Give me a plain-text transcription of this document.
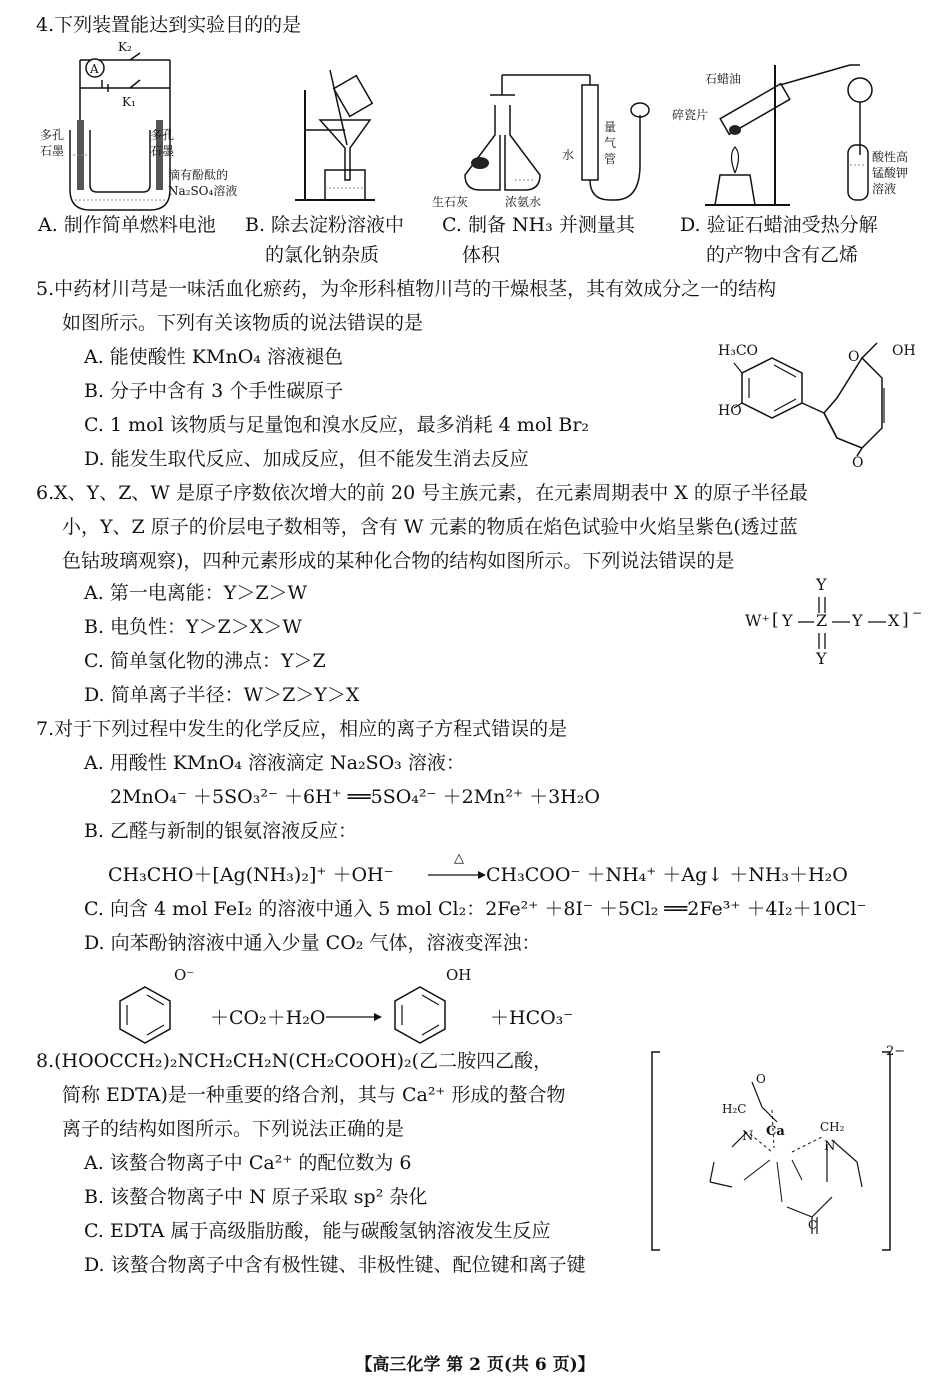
4.下列装置能达到实验目的的是
K₂
K₁
A
多孔
石墨
多孔
石墨
滴有酚酞的
Na₂SO₄溶液
生石灰	浓氨水
水
量
气
管
石蜡油
碎瓷片
酸性高
锰酸钾
溶液
A. 制作简单燃料电池 B. 除去淀粉溶液中
的氯化钠杂质
C. 制备 NH₃ 并测量其
体积
D. 验证石蜡油受热分解
的产物中含有乙烯
5.中药材川芎是一味活血化瘀药，为伞形科植物川芎的干燥根茎，其有效成分之一的结构
如图所示。下列有关该物质的说法错误的是
A. 能使酸性 KMnO₄ 溶液褪色
B. 分子中含有 3 个手性碳原子
C. 1 mol 该物质与足量饱和溴水反应，最多消耗 4 mol Br₂
D. 能发生取代反应、加成反应，但不能发生消去反应
H₃CO
HO
O OH
O
6.X、Y、Z、W 是原子序数依次增大的前 20 号主族元素，在元素周期表中 X 的原子半径最
小，Y、Z 原子的价层电子数相等，含有 W 元素的物质在焰色试验中火焰呈紫色(透过蓝
色钴玻璃观察)，四种元素形成的某种化合物的结构如图所示。下列说法错误的是
A. 第一电离能：Y＞Z＞W
B. 电负性：Y＞Z＞X＞W
C. 简单氢化物的沸点：Y＞Z
D. 简单离子半径：W＞Z＞Y＞X
W⁺ [ Y Z Y X ] −
Y
Y
7.对于下列过程中发生的化学反应，相应的离子方程式错误的是
A. 用酸性 KMnO₄ 溶液滴定 Na₂SO₃ 溶液：
2MnO₄⁻ ＋5SO₃²⁻ ＋6H⁺ ══5SO₄²⁻ ＋2Mn²⁺ ＋3H₂O
B. 乙醛与新制的银氨溶液反应：
CH₃CHO＋[Ag(NH₃)₂]⁺ ＋OH⁻
△
CH₃COO⁻ ＋NH₄⁺ ＋Ag↓ ＋NH₃＋H₂O
C. 向含 4 mol FeI₂ 的溶液中通入 5 mol Cl₂：2Fe²⁺ ＋8I⁻ ＋5Cl₂ ══2Fe³⁺ ＋4I₂＋10Cl⁻
D. 向苯酚钠溶液中通入少量 CO₂ 气体，溶液变浑浊：
O⁻
＋CO₂＋H₂O
OH
＋HCO₃⁻
8.(HOOCCH₂)₂NCH₂CH₂N(CH₂COOH)₂(乙二胺四乙酸，
简称 EDTA)是一种重要的络合剂，其与 Ca²⁺ 形成的螯合物
离子的结构如图所示。下列说法正确的是
A. 该螯合物离子中 Ca²⁺ 的配位数为 6
B. 该螯合物离子中 N 原子采取 sp² 杂化
C. EDTA 属于高级脂肪酸，能与碳酸氢钠溶液发生反应
D. 该螯合物离子中含有极性键、非极性键、配位键和离子键
2−
Ca
N
N
CH₂
H₂C
O
C
【高三化学 第 2 页(共 6 页)】
